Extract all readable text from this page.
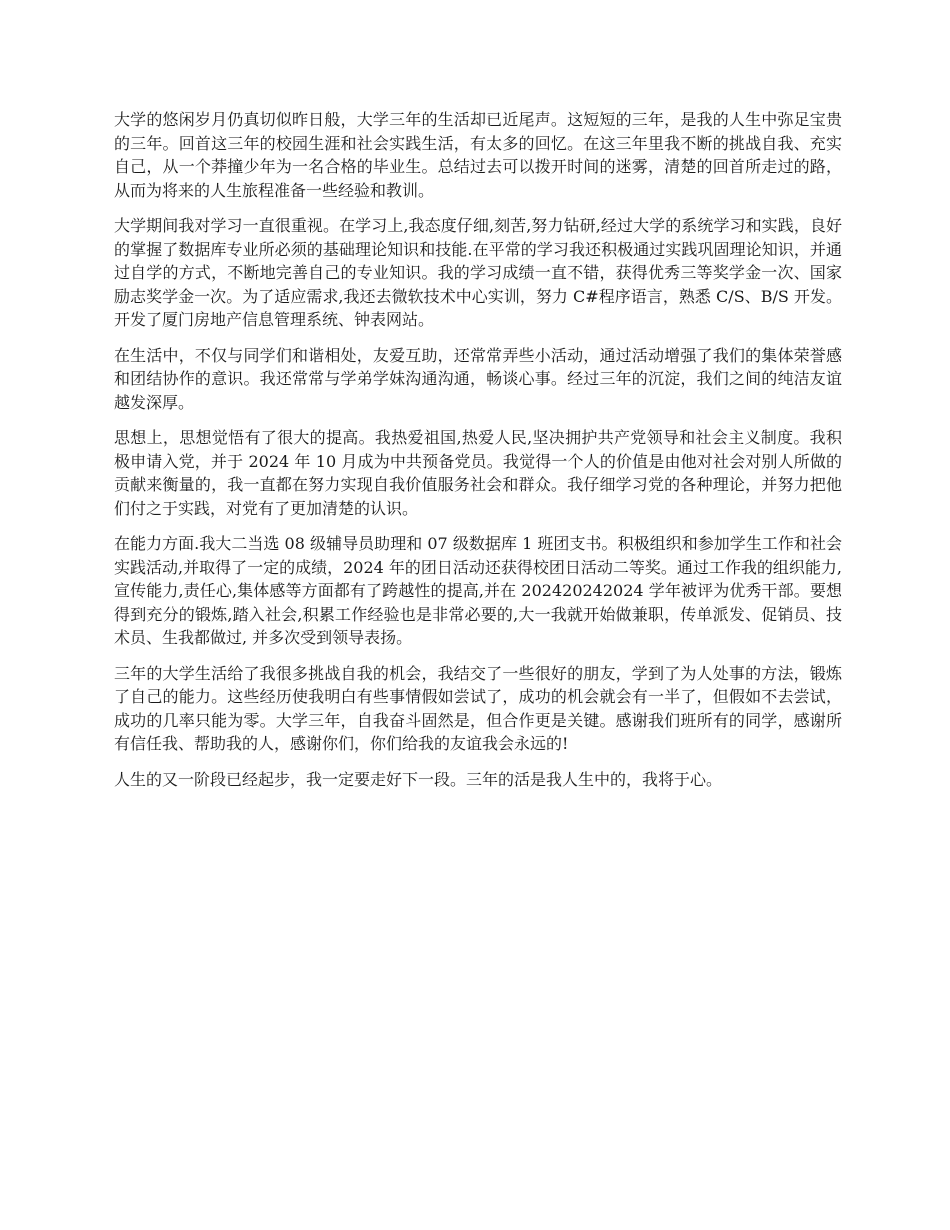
大学的悠闲岁月仍真切似昨日般，大学三年的生活却已近尾声。这短短的三年，是我的人生中弥足宝贵的三年。回首这三年的校园生涯和社会实践生活，有太多的回忆。在这三年里我不断的挑战自我、充实自己，从一个莽撞少年为一名合格的毕业生。总结过去可以拨开时间的迷雾，清楚的回首所走过的路，从而为将来的人生旅程准备一些经验和教训。

大学期间我对学习一直很重视。在学习上,我态度仔细,刻苦,努力钻研,经过大学的系统学习和实践，良好的掌握了数据库专业所必须的基础理论知识和技能.在平常的学习我还积极通过实践巩固理论知识，并通过自学的方式，不断地完善自己的专业知识。我的学习成绩一直不错，获得优秀三等奖学金一次、国家励志奖学金一次。为了适应需求,我还去微软技术中心实训，努力 C#程序语言，熟悉 C/S、B/S 开发。开发了厦门房地产信息管理系统、钟表网站。

在生活中，不仅与同学们和谐相处，友爱互助，还常常弄些小活动，通过活动增强了我们的集体荣誉感和团结协作的意识。我还常常与学弟学妹沟通沟通，畅谈心事。经过三年的沉淀，我们之间的纯洁友谊越发深厚。

思想上，思想觉悟有了很大的提高。我热爱祖国,热爱人民,坚决拥护共产党领导和社会主义制度。我积极申请入党，并于 2024 年 10 月成为中共预备党员。我觉得一个人的价值是由他对社会对别人所做的贡献来衡量的，我一直都在努力实现自我价值服务社会和群众。我仔细学习党的各种理论，并努力把他们付之于实践，对党有了更加清楚的认识。

在能力方面.我大二当选 08 级辅导员助理和 07 级数据库 1 班团支书。积极组织和参加学生工作和社会实践活动,并取得了一定的成绩，2024 年的团日活动还获得校团日活动二等奖。通过工作我的组织能力,宣传能力,责任心,集体感等方面都有了跨越性的提高,并在 202420242024 学年被评为优秀干部。要想得到充分的锻炼,踏入社会,积累工作经验也是非常必要的,大一我就开始做兼职，传单派发、促销员、技术员、生我都做过, 并多次受到领导表扬。

三年的大学生活给了我很多挑战自我的机会，我结交了一些很好的朋友，学到了为人处事的方法，锻炼了自己的能力。这些经历使我明白有些事情假如尝试了，成功的机会就会有一半了，但假如不去尝试，成功的几率只能为零。大学三年，自我奋斗固然是，但合作更是关键。感谢我们班所有的同学，感谢所有信任我、帮助我的人，感谢你们，你们给我的友谊我会永远的!

人生的又一阶段已经起步，我一定要走好下一段。三年的活是我人生中的，我将于心。
